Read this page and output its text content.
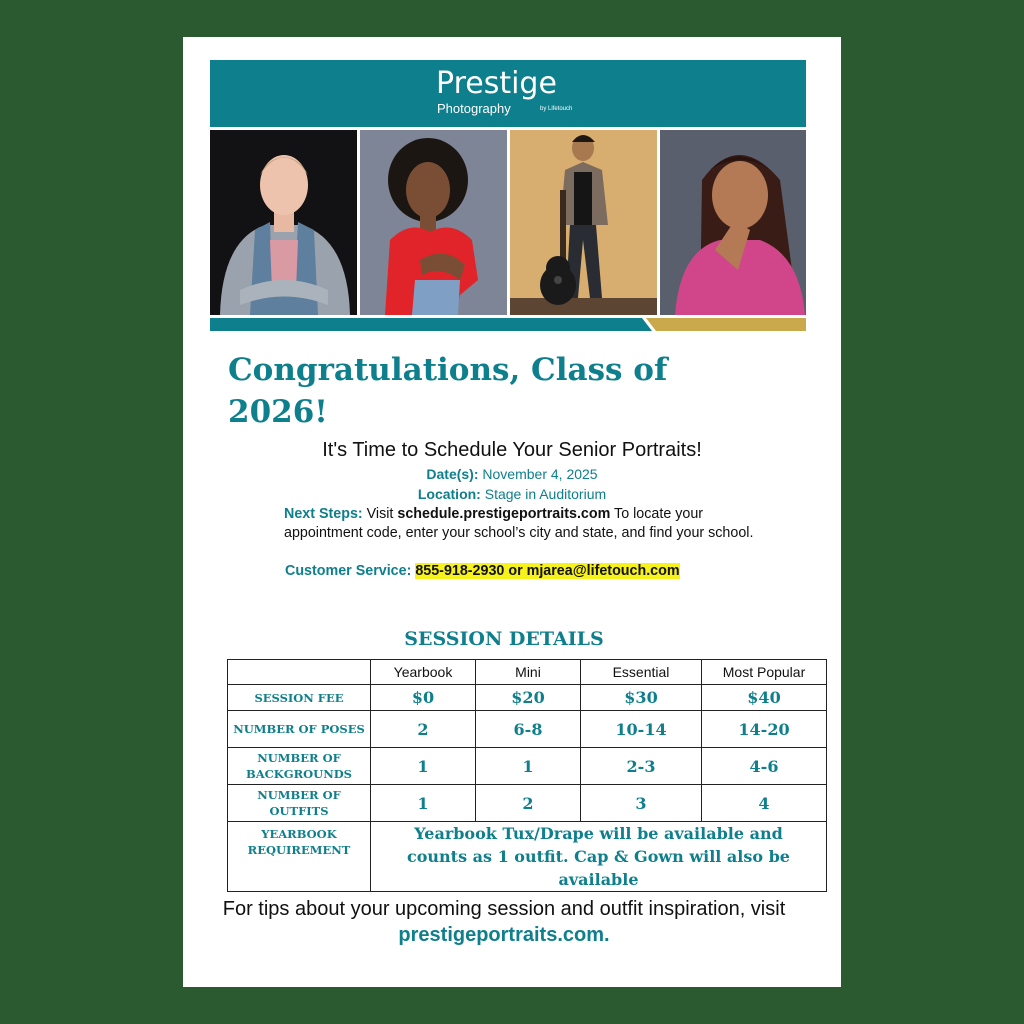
Prestige
Photography	by Lifetouch
Congratulations, Class of 2026!
It's Time to Schedule Your Senior Portraits!
Date(s): November 4, 2025
Location: Stage in Auditorium
Next Steps: Visit schedule.prestigeportraits.com To locate your appointment code, enter your school’s city and state, and find your school.
Customer Service: 855-918-2930 or mjarea@lifetouch.com
SESSION DETAILS
	Yearbook	Mini	Essential	Most Popular
SESSION FEE	$0	$20	$30	$40
NUMBER OF POSES	2	6-8	10-14	14-20
NUMBER OF BACKGROUNDS	1	1	2-3	4-6
NUMBER OF OUTFITS	1	2	3	4
YEARBOOK REQUIREMENT	Yearbook Tux/Drape will be available and counts as 1 outfit. Cap & Gown will also be available			
For tips about your upcoming session and outfit inspiration, visit prestigeportraits.com.
